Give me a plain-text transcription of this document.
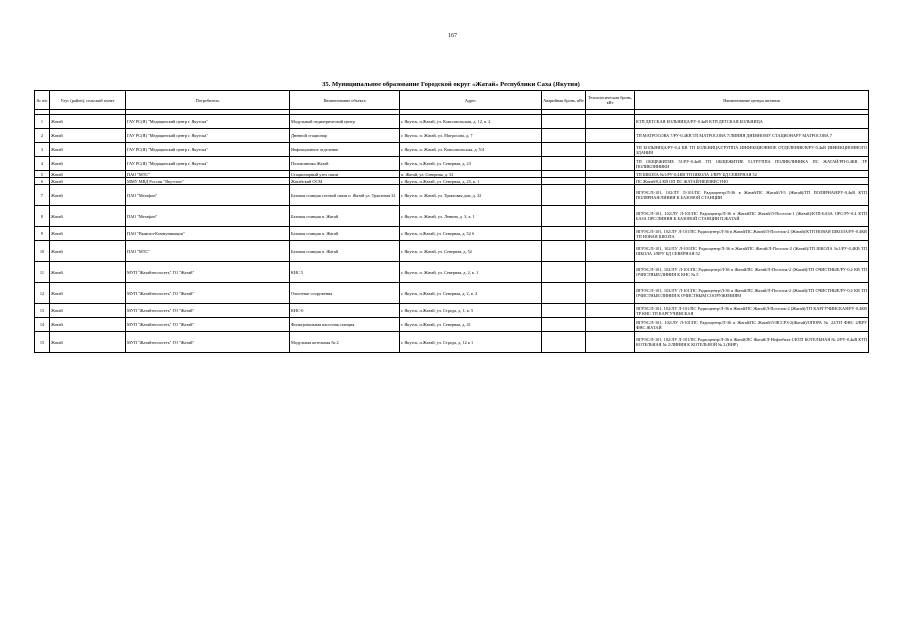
167
35. Муниципальное образование Городской округ «Жатай» Республики Саха (Якутия)
№ п/п	Улус (район), сельский пункт	Потребитель	Наименование объекта	Адрес	Аварийная бронь, кВт	Технологическая бронь, кВт	Наименование центра питания

1	Жатай	ГАУ РС(Я) "Медицинский центр г. Якутска"	Модульный педиатрический центр	г. Якутск, п.Жатай, ул. Комсомольская, д. 12, к. 2			КТП ДЕТСКАЯ БОЛЬНИЦА/РУ-0.4кВ КТП ДЕТСКАЯ БОЛЬНИЦА
2	Жатай	ГАУ РС(Я) "Медицинский центр г. Якутска"	Дневной стационар	г. Якутск, п. Жатай, ул. Матросова, д. 7			ТП МАТРОСОВА 7/РУ-0,4КВ ТП МАТРОСОВА 7/ЛИНИЯ ДНЕВНОМУ СТАЦИОНАРУ МАТРОСОВА 7
3	Жатай	ГАУ РС(Я) "Медицинский центр г. Якутска"	Инфекционное отделение	г. Якутск, п. Жатай, ул. Комсомольская, д. 5/4			ТП БОЛЬНИЦА/РУ-0,4 КВ ТП БОЛЬНИЦА/ГРУППА ИНФЕКЦИОННОЕ ОТДЕЛЕНИЕ/В/РУ-0.4кВ ИНФЕКЦИОННОГО ЗДАНИЯ
4	Жатай	ГАУ РС(Я) "Медицинский центр г. Якутска"	Поликлиника Жатай	г. Якутск, п.Жатай, ул. Северная, д. 23			ТП ОБЩЕЖИТИЕ 51/РУ-0,4кВ ТП ОБЩЕЖИТИЕ 51/ГРУППА ПОЛИКЛИНИКА ПС ЖАТАЙ/РП-0,4КВ ТР ПОЛИКЛИНИКИ
5	Жатай	ПАО "МТС"	Стационарный узел связи	п. Жатай, ул. Северная, д. 52			ТП ШКОЛА №1/РУ-0,4КВ ТП ШКОЛА 1/ВРУ БД СЕВЕРНАЯ 52
6	Жатай	ММУ МВД России "Якутское"	Жатайский ОСМ	г. Якутск, п.Жатай, ул. Северная, д. 25, к. 1			ПС Жатай/0,4 КВ ОП ПС ЖАТАЙ/НЕИЗВЕСТНО
7	Жатай	ПАО "Мегафон"	Базовая станция сотовой связи п. Жатай ул. Трактовая 32	г. Якутск, п. Жатай, ул. Трактовая дом, д. 32			ЯГРЭС/Л-101, 102/ЛУ Л-101/ПС Радиоцентр/Л-36 в Жатай/ПС Жатай/Л-5 (Жатай)/ТП ПОЛЯРНАЯ/РУ-0,4кВ КТП ПОЛЯРНАЯ/ЛИНИЯ К БАЗОВОЙ СТАНЦИИ
8	Жатай	ПАО "Мегафон"	Базовая станция п. Жатай	г. Якутск, п. Жатай, ул. Ленина, д. 3, к. 1			ЯГРЭС/Л-101, 102/ЛУ Л-101/ПС Радиоцентр/Л-36 в Жатай/ПС Жатай/Л-Поселок-1 (Жатай)/КТП-БАЗА ОРС/РУ-0.4 КТП БАЗА ОРС/ЛИНИЯ К БАЗОВОЙ СТАНЦИИ П.ЖАТАЙ
9	Жатай	ПАО "Вымпел-Коммуникации"	Базовая станция п. Жатай	г. Якутск, п.Жатай, ул. Северная, д. 52 б			ЯГРЭС/Л-101, 102/ЛУ Л-101/ПС Радиоцентр/Л-36 в Жатай/ПС Жатай/Л-Поселок-2 (Жатай)/КТП НОВАЯ ШКОЛА/РУ-0.4КВ ТП НОВАЯ ШКОЛА
10	Жатай	ПАО "МТС"	Базовая станция п. Жатай	г. Якутск, п. Жатай, ул. Северная, д. 52			ЯГРЭС/Л-101, 102/ЛУ Л-101/ПС Радиоцентр/Л-36 в Жатай/ПС Жатай/Л-Поселок-2 (Жатай)/ТП ШКОЛА №1/РУ-0,4КВ ТП ШКОЛА 1/ВРУ БД СЕВЕРНАЯ 52
11	Жатай	МУП "Жатайтеплосеть" ГО "Жатай"	КНС 5	г. Якутск, п. Жатай, ул. Северная, д. 2, к. 1			ЯГРЭС/Л-101, 102/ЛУ Л-101/ПС Радиоцентр/Л-36 в Жатай/ПС Жатай/Л-Поселок-2 (Жатай)/ТП ОЧИСТНЫЕ/РУ-0,4 КВ ТП ОЧИСТНЫЕ/ЛИНИЯ К КНС № 5
12	Жатай	МУП "Жатайтеплосеть" ГО "Жатай"	Очистные сооружения	г. Якутск, п.Жатай, ул. Северная, д. 2, к. 2			ЯГРЭС/Л-101, 102/ЛУ Л-101/ПС Радиоцентр/Л-36 в Жатай/ПС Жатай/Л-Поселок-2 (Жатай)/ТП ОЧИСТНЫЕ/РУ-0,4 КВ ТП ОЧИСТНЫЕ/ЛИНИЯ К ОЧИСТНЫМ СООРУЖЕНИЯМ
13	Жатай	МУП "Жатайтеплосеть" ГО "Жатай"	КНС-6	г. Якутск, п.Жатай, ул. Строда, д. 1, к. 5			ЯГРЭС/Л-101, 102/ЛУ Л-101/ПС Радиоцентр/Л-36 в Жатай/ПС Жатай/Л-Поселок-2 (Жатай)/ТП КАРГУЧИНСКАЯ/РУ-0,4КВ ТР КНС ТП КАРГУЧИНСКАЯ
14	Жатай	МУП "Жатайтеплосеть" ГО "Жатай"	Фильтровальная насосная станция	г. Якутск, п.Жатай, ул. Северная, д. 41			ЯГРЭС/Л-101, 102/ЛУ Л-101/ПС Радиоцентр/Л-36 в Жатай/ПС Жатай/Л-ЯССРЗ-2(Жатай)/ОПОРА № 22/ТП ФНС 2/ВРУ ФНС ЖАТАЙ
15	Жатай	МУП "Жатайтеплосеть" ГО "Жатай"	Модульная котельная № 2	г. Якутск, п.Жатай, ул. Строда, д. 12 к 1			ЯГРЭС/Л-101, 102/ЛУ Л-101/ПС Радиоцентр/Л-36 в Жатай/ПС Жатай/Л-Нефтебаза-1/КТП КОТЕЛЬНАЯ № 2/РУ-0,4кВ КТП КОТЕЛЬНАЯ № 2/ЛИНИЯ К КОТЕЛЬНОЙ № 2 (ВНР)
